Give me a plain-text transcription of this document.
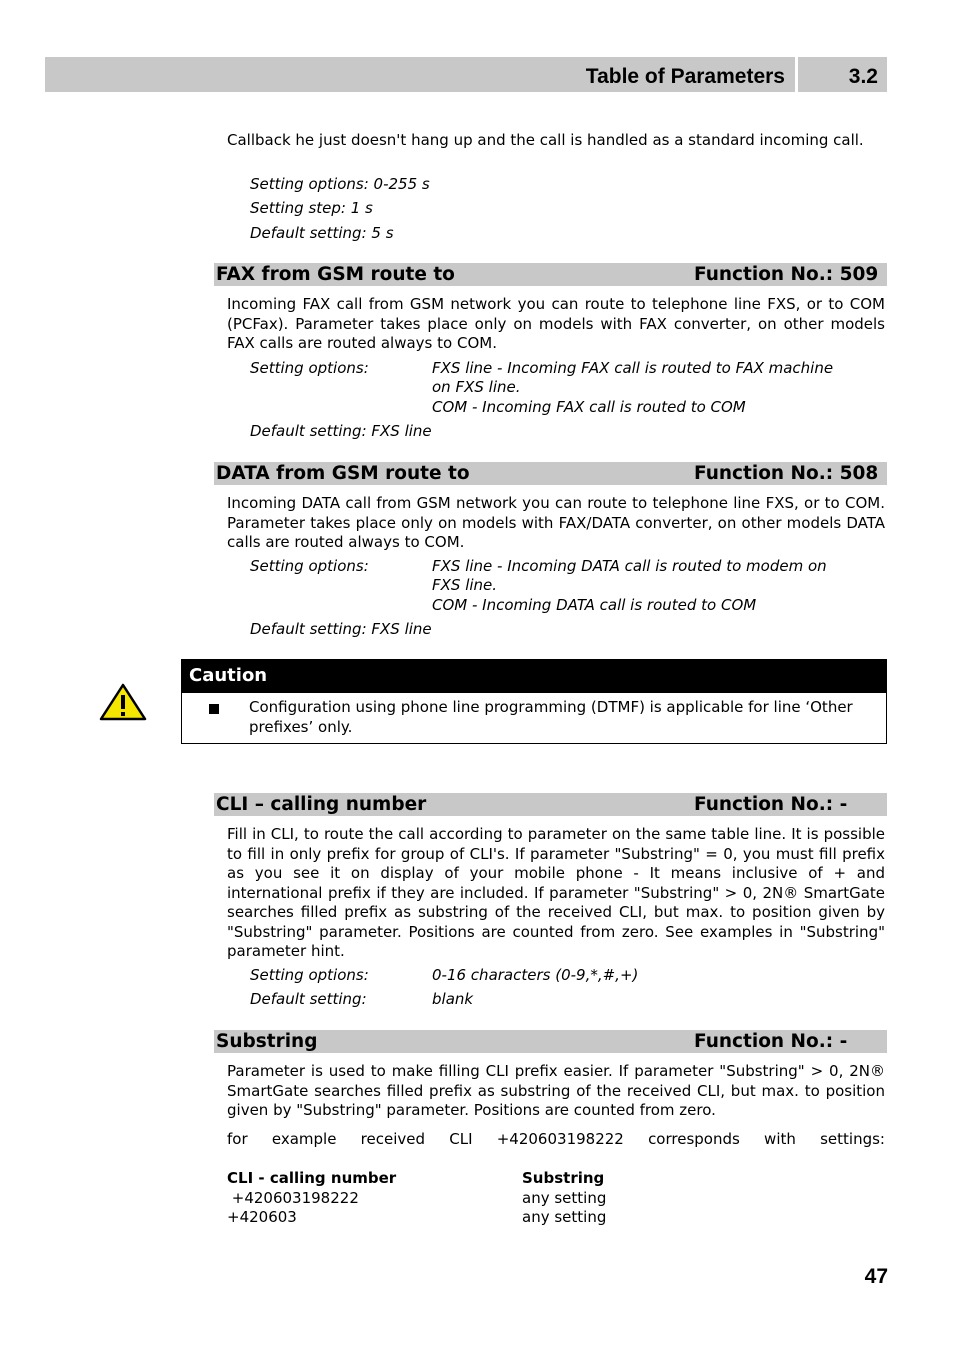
Table of Parameters	3.2
Callback he just doesn't hang up and the call is handled as a standard incoming call.
Setting options: 0-255 s
Setting step: 1 s
Default setting: 5 s
FAX from GSM route to	Function No.: 509
Incoming FAX call from GSM network you can route to telephone line FXS, or to COM (PCFax). Parameter takes place only on models with FAX converter, on other models FAX calls are routed always to COM.
Setting options:	FXS line - Incoming FAX call is routed to FAX machine
on FXS line.
COM - Incoming FAX call is routed to COM
Default setting: FXS line
DATA from GSM route to	Function No.: 508
Incoming DATA call from GSM network you can route to telephone line FXS, or to COM. Parameter takes place only on models with FAX/DATA converter, on other models DATA calls are routed always to COM.
Setting options:	FXS line - Incoming DATA call is routed to modem on
FXS line.
COM - Incoming DATA call is routed to COM
Default setting: FXS line
Caution
Configuration using phone line programming (DTMF) is applicable for line ‘Other prefixes’ only.
CLI – calling number	Function No.: -
Fill in CLI, to route the call according to parameter on the same table line. It is possible to fill in only prefix for group of CLI's. If parameter "Substring" = 0, you must fill prefix as you see it on display of your mobile phone - It means inclusive of + and international prefix if they are included. If parameter "Substring" > 0, 2N® SmartGate searches filled prefix as substring of the received CLI, but max. to position given by "Substring" parameter. Positions are counted from zero. See examples in "Substring" parameter hint.
Setting options:	0-16 characters (0-9,*,#,+)
Default setting:	blank
Substring	Function No.: -
Parameter is used to make filling CLI prefix easier. If parameter "Substring" > 0, 2N® SmartGate searches filled prefix as substring of the received CLI, but max. to position given by "Substring" parameter. Positions are counted from zero.
for example received CLI +420603198222 corresponds with settings:
CLI - calling number	Substring
+420603198222	any setting
+420603	any setting
47
